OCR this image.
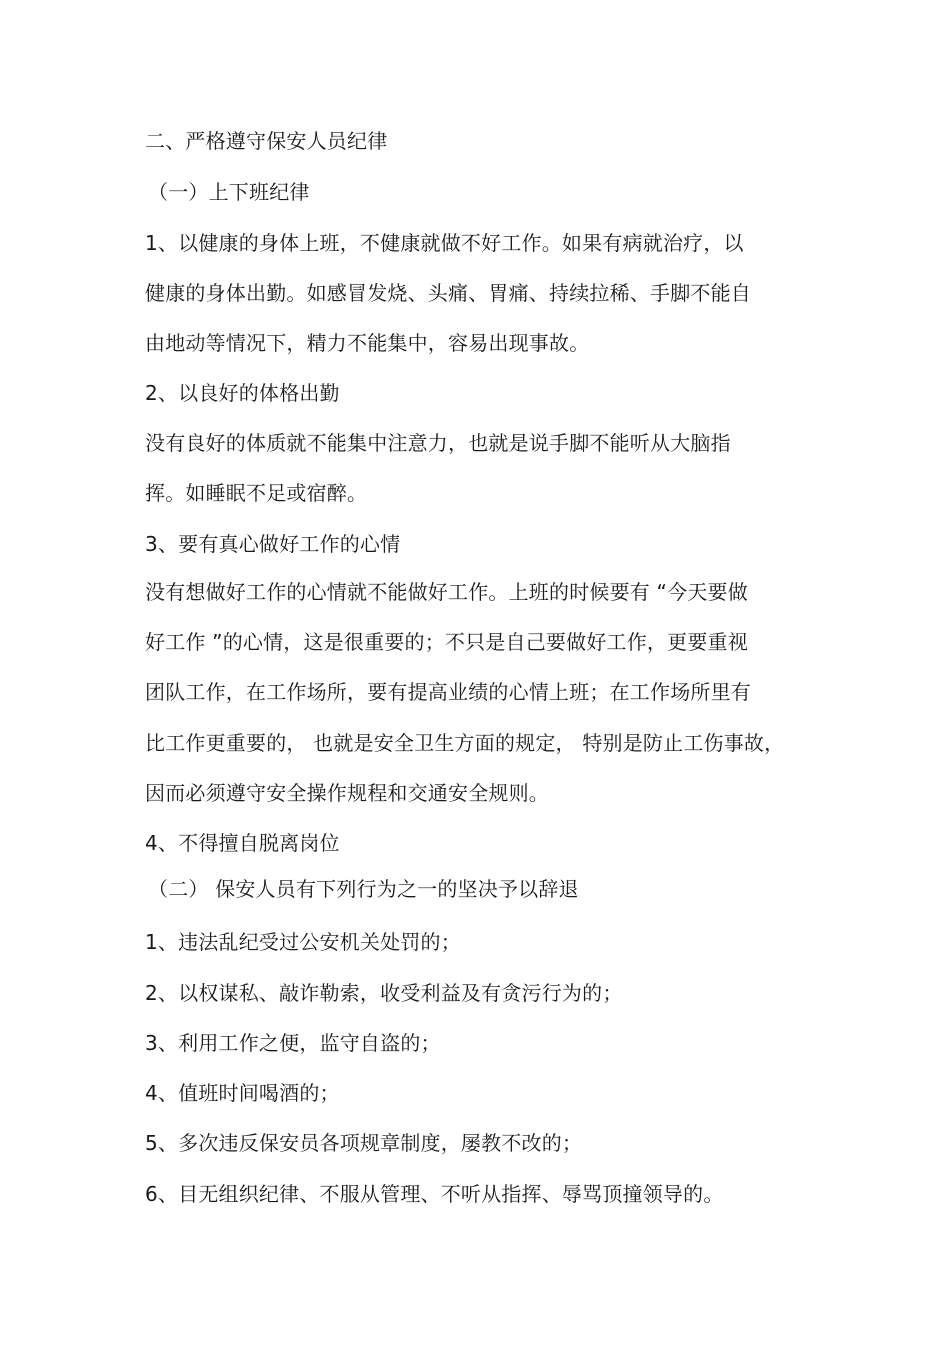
二、严格遵守保安人员纪律
（一）上下班纪律
1、以健康的身体上班，不健康就做不好工作。如果有病就治疗，以
健康的身体出勤。如感冒发烧、头痛、胃痛、持续拉稀、手脚不能自
由地动等情况下，精力不能集中，容易出现事故。
2、以良好的体格出勤
没有良好的体质就不能集中注意力，也就是说手脚不能听从大脑指
挥。如睡眠不足或宿醉。
3、要有真心做好工作的心情
没有想做好工作的心情就不能做好工作。上班的时候要有 “今天要做
好工作 ”的心情，这是很重要的；不只是自己要做好工作，更要重视
团队工作，在工作场所，要有提高业绩的心情上班；在工作场所里有
比工作更重要的， 也就是安全卫生方面的规定， 特别是防止工伤事故，
因而必须遵守安全操作规程和交通安全规则。
4、不得擅自脱离岗位
（二） 保安人员有下列行为之一的坚决予以辞退
1、违法乱纪受过公安机关处罚的；
2、以权谋私、敲诈勒索，收受利益及有贪污行为的；
3、利用工作之便，监守自盗的；
4、值班时间喝酒的；
5、多次违反保安员各项规章制度，屡教不改的；
6、目无组织纪律、不服从管理、不听从指挥、辱骂顶撞领导的。
